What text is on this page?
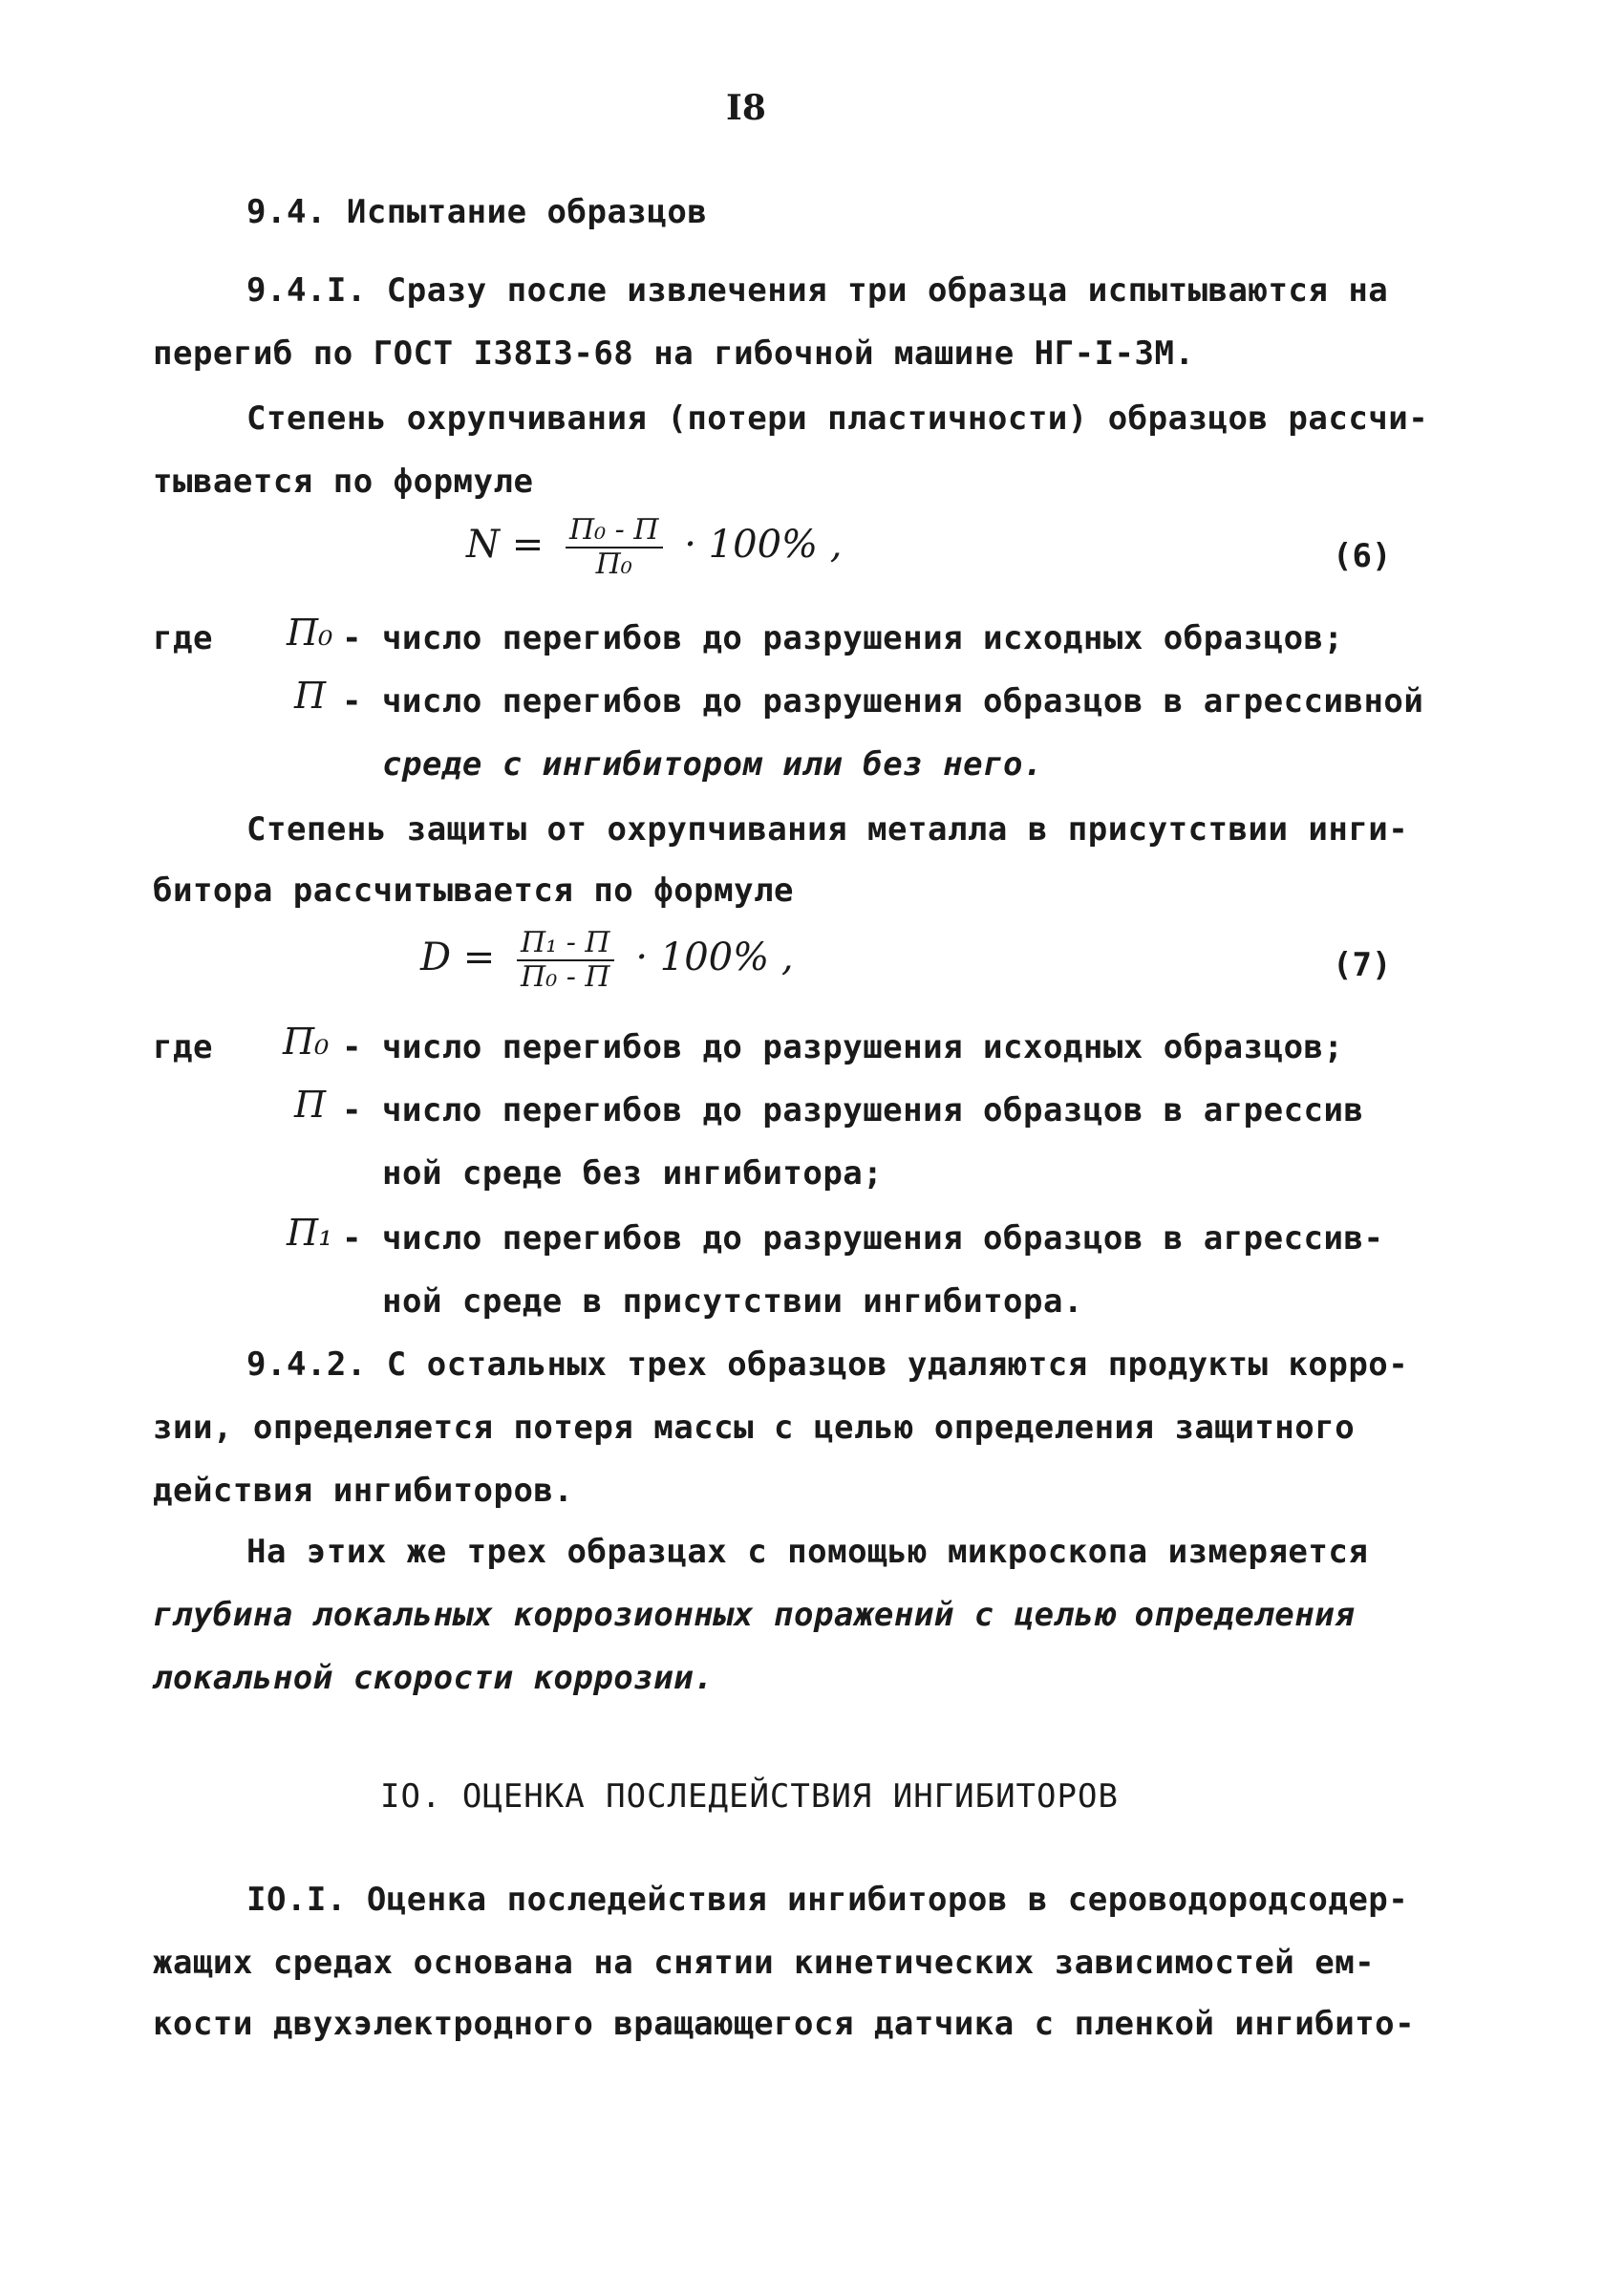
I8
9.4. Испытание образцов
9.4.I. Сразу после извлечения три образца испытываются на
перегиб по ГОСТ I38I3-68 на гибочной машине НГ-I-3М.
Степень охрупчивания (потери пластичности) образцов рассчи-
тывается по формуле
$N = \frac{\text{П₀ - П}}{\text{П₀}} \cdot 100\%$ ,	(6)
где П₀ - число перегибов до разрушения исходных образцов;
П - число перегибов до разрушения образцов в агрессивной
среде с ингибитором или без него.
Степень защиты от охрупчивания металла в присутствии инги-
битора рассчитывается по формуле
$D = \frac{\text{П₁ - П}}{\text{П₀ - П}} \cdot 100\%$ ,	(7)
где П₀ - число перегибов до разрушения исходных образцов;
П - число перегибов до разрушения образцов в агрессив
ной среде без ингибитора;
П₁ - число перегибов до разрушения образцов в агрессив-
ной среде в присутствии ингибитора.
9.4.2. С остальных трех образцов удаляются продукты корро-
зии, определяется потеря массы с целью определения защитного
действия ингибиторов.
На этих же трех образцах с помощью микроскопа измеряется
глубина локальных коррозионных поражений с целью определения
локальной скорости коррозии.
IO. ОЦЕНКА ПОСЛЕДЕЙСТВИЯ ИНГИБИТОРОВ
IO.I. Оценка последействия ингибиторов в сероводородсодер-
жащих средах основана на снятии кинетических зависимостей ем-
кости двухэлектродного вращающегося датчика с пленкой ингибито-
